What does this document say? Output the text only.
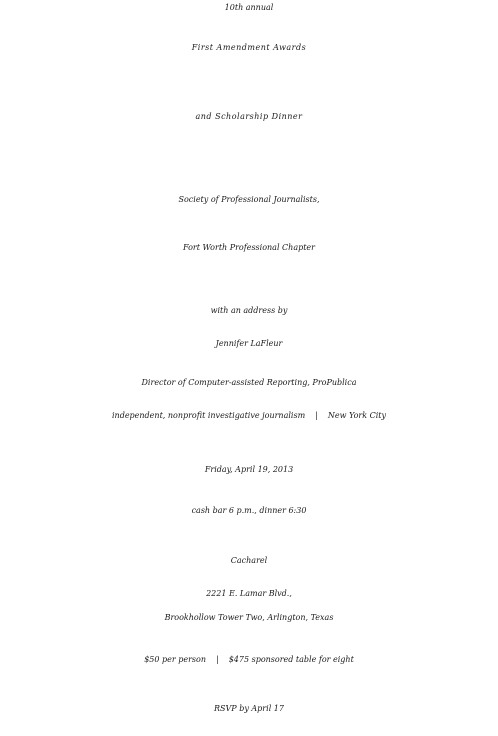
10th annual
First Amendment Awards
and Scholarship Dinner
Society of Professional Journalists,
Fort Worth Professional Chapter
with an address by
Jennifer LaFleur
Director of Computer-assisted Reporting, ProPublica
independent, nonprofit investigative journalism | New York City
Friday, April 19, 2013
cash bar 6 p.m., dinner 6:30
Cacharel
2221 E. Lamar Blvd.,
Brookhollow Tower Two, Arlington, Texas
$50 per person | $475 sponsored table for eight
RSVP by April 17
